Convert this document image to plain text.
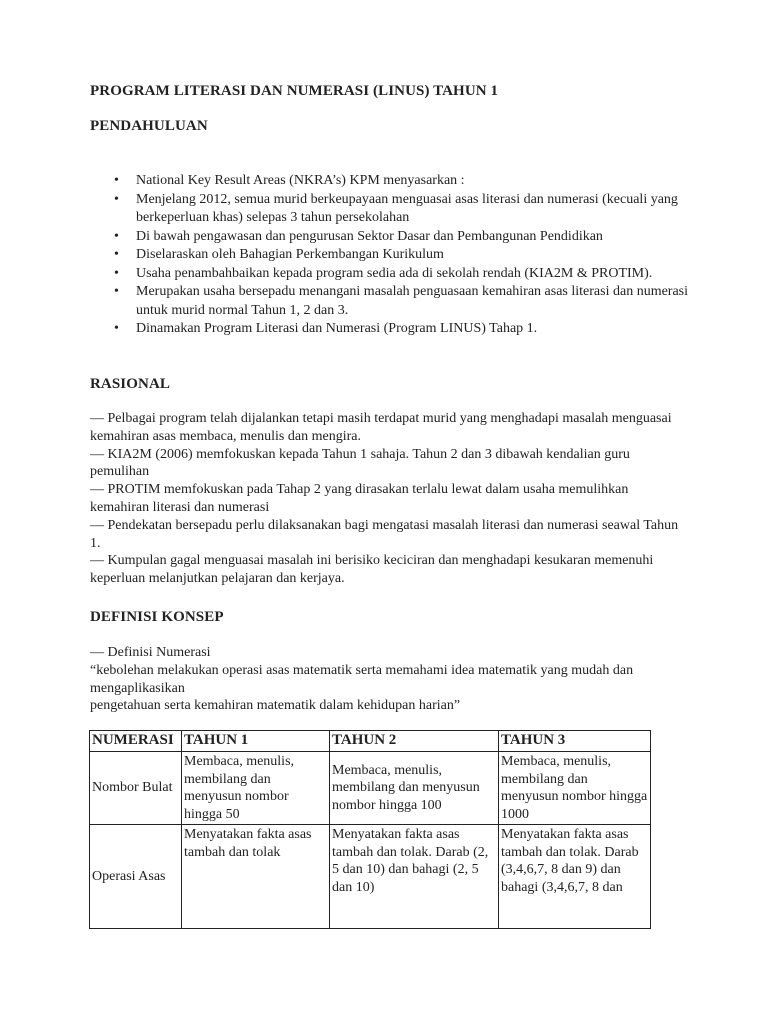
PROGRAM LITERASI DAN NUMERASI (LINUS) TAHUN 1
PENDAHULUAN
• National Key Result Areas (NKRA’s) KPM menyasarkan :
• Menjelang 2012, semua murid berkeupayaan menguasai asas literasi dan numerasi (kecuali yang berkeperluan khas) selepas 3 tahun persekolahan
• Di bawah pengawasan dan pengurusan Sektor Dasar dan Pembangunan Pendidikan
• Diselaraskan oleh Bahagian Perkembangan Kurikulum
• Usaha penambahbaikan kepada program sedia ada di sekolah rendah (KIA2M & PROTIM).
• Merupakan usaha bersepadu menangani masalah penguasaan kemahiran asas literasi dan numerasi untuk murid normal Tahun 1, 2 dan 3.
• Dinamakan Program Literasi dan Numerasi (Program LINUS) Tahap 1.
RASIONAL
— Pelbagai program telah dijalankan tetapi masih terdapat murid yang menghadapi masalah menguasai kemahiran asas membaca, menulis dan mengira.
— KIA2M (2006) memfokuskan kepada Tahun 1 sahaja. Tahun 2 dan 3 dibawah kendalian guru pemulihan
— PROTIM memfokuskan pada Tahap 2 yang dirasakan terlalu lewat dalam usaha memulihkan kemahiran literasi dan numerasi
— Pendekatan bersepadu perlu dilaksanakan bagi mengatasi masalah literasi dan numerasi seawal Tahun 1.
— Kumpulan gagal menguasai masalah ini berisiko keciciran dan menghadapi kesukaran memenuhi keperluan melanjutkan pelajaran dan kerjaya.
DEFINISI KONSEP
— Definisi Numerasi
“kebolehan melakukan operasi asas matematik serta memahami idea matematik yang mudah dan mengaplikasikan
pengetahuan serta kemahiran matematik dalam kehidupan harian”
NUMERASI	TAHUN 1	TAHUN 2	TAHUN 3
Nombor Bulat	Membaca, menulis, membilang dan menyusun nombor hingga 50	Membaca, menulis, membilang dan menyusun nombor hingga 100	Membaca, menulis, membilang dan menyusun nombor hingga 1000
Operasi Asas	Menyatakan fakta asas tambah dan tolak	Menyatakan fakta asas tambah dan tolak. Darab (2, 5 dan 10) dan bahagi (2, 5 dan 10)	Menyatakan fakta asas tambah dan tolak. Darab (3,4,6,7, 8 dan 9) dan bahagi (3,4,6,7, 8 dan
